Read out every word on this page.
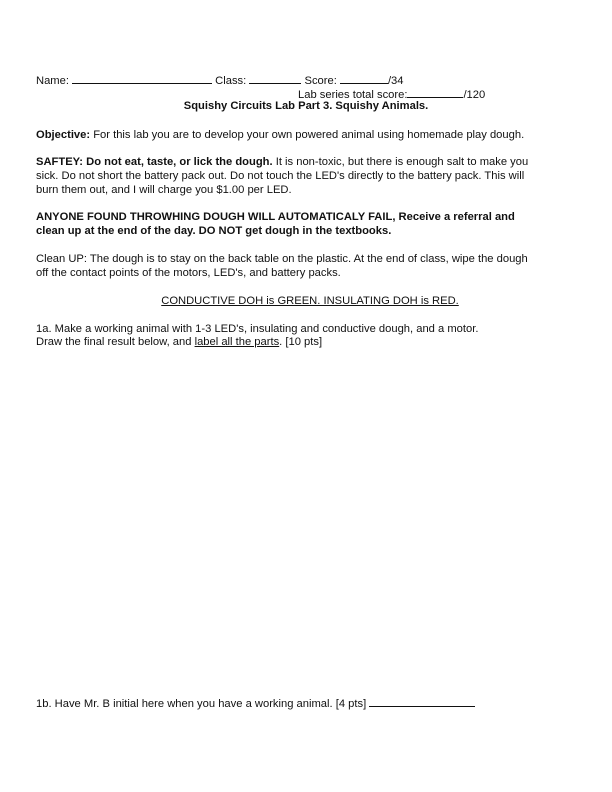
Name:	Class:	Score:	/34
Lab series total score:	/120
Squishy Circuits Lab Part 3. Squishy Animals.
Objective: For this lab you are to develop your own powered animal using homemade play dough.
SAFTEY: Do not eat, taste, or lick the dough. It is non-toxic, but there is enough salt to make you
sick. Do not short the battery pack out. Do not touch the LED's directly to the battery pack. This will
burn them out, and I will charge you $1.00 per LED.
ANYONE FOUND THROWHING DOUGH WILL AUTOMATICALY FAIL, Receive a referral and
clean up at the end of the day. DO NOT get dough in the textbooks.
Clean UP: The dough is to stay on the back table on the plastic. At the end of class, wipe the dough
off the contact points of the motors, LED's, and battery packs.
CONDUCTIVE DOH is GREEN. INSULATING DOH is RED.
1a. Make a working animal with 1-3 LED's, insulating and conductive dough, and a motor.
Draw the final result below, and label all the parts. [10 pts]
1b. Have Mr. B initial here when you have a working animal. [4 pts]
